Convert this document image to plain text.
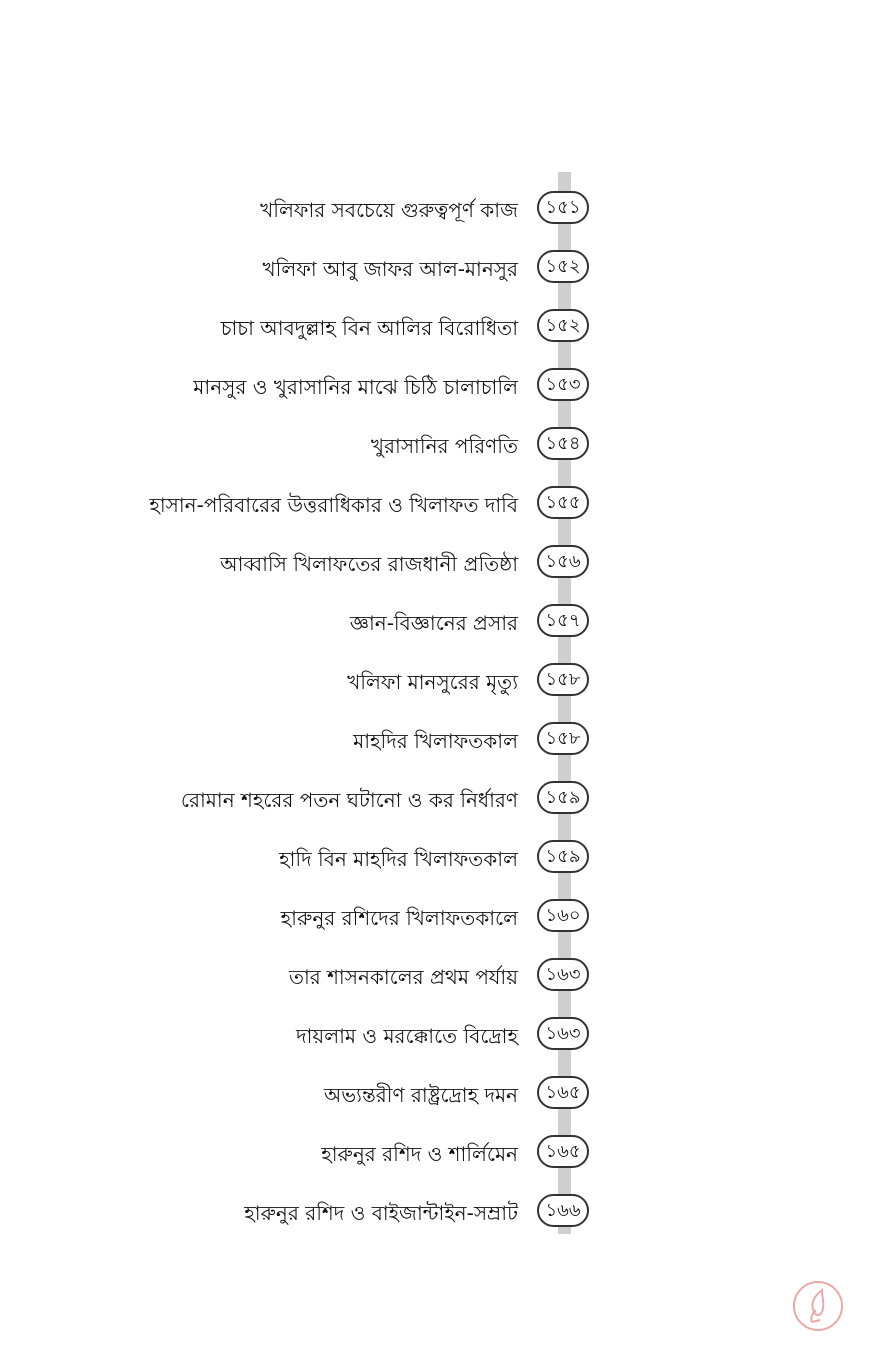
খলিফার সবচেয়ে গুরুত্বপূর্ণ কাজ	১৫১
খলিফা আবু জাফর আল-মানসুর	১৫২
চাচা আবদুল্লাহ বিন আলির বিরোধিতা	১৫২
মানসুর ও খুরাসানির মাঝে চিঠি চালাচালি	১৫৩
খুরাসানির পরিণতি	১৫৪
হাসান-পরিবারের উত্তরাধিকার ও খিলাফত দাবি	১৫৫
আব্বাসি খিলাফতের রাজধানী প্রতিষ্ঠা	১৫৬
জ্ঞান-বিজ্ঞানের প্রসার	১৫৭
খলিফা মানসুরের মৃত্যু	১৫৮
মাহদির খিলাফতকাল	১৫৮
রোমান শহরের পতন ঘটানো ও কর নির্ধারণ	১৫৯
হাদি বিন মাহদির খিলাফতকাল	১৫৯
হারুনুর রশিদের খিলাফতকালে	১৬০
তার শাসনকালের প্রথম পর্যায়	১৬৩
দায়লাম ও মরক্কোতে বিদ্রোহ	১৬৩
অভ্যন্তরীণ রাষ্ট্রদ্রোহ দমন	১৬৫
হারুনুর রশিদ ও শার্লিমেন	১৬৫
হারুনুর রশিদ ও বাইজান্টাইন-সম্রাট	১৬৬
